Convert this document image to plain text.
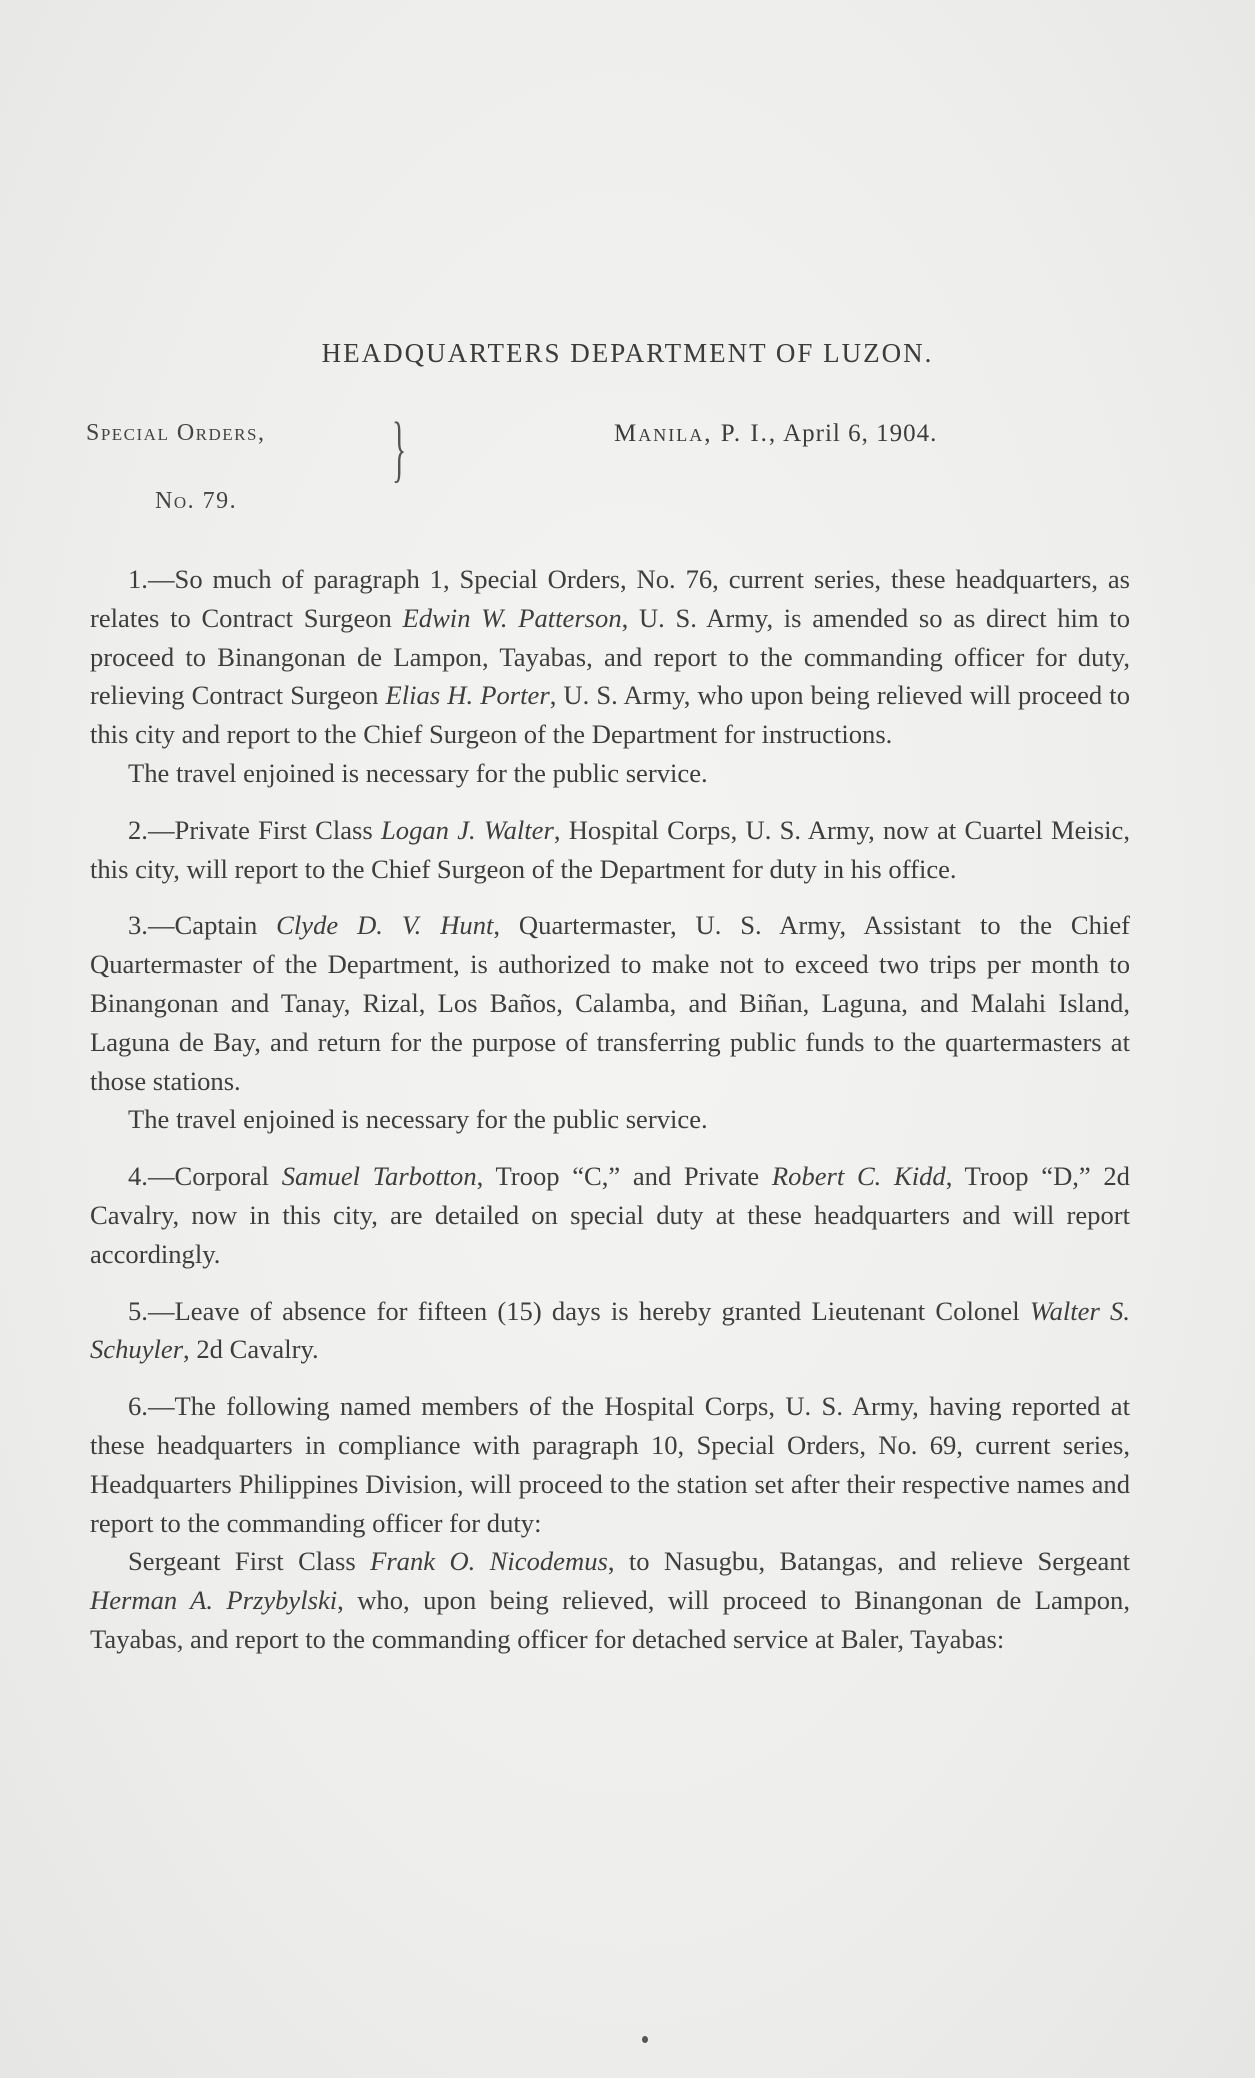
HEADQUARTERS DEPARTMENT OF LUZON.
Special Orders, }
No. 79.
Manila, P. I., April 6, 1904.

1.—So much of paragraph 1, Special Orders, No. 76, current series, these headquarters, as relates to Contract Surgeon Edwin W. Patterson, U. S. Army, is amended so as direct him to proceed to Binangonan de Lampon, Tayabas, and report to the commanding officer for duty, relieving Contract Surgeon Elias H. Porter, U. S. Army, who upon being relieved will proceed to this city and report to the Chief Surgeon of the Department for instructions.

The travel enjoined is necessary for the public service.

2.—Private First Class Logan J. Walter, Hospital Corps, U. S. Army, now at Cuartel Meisic, this city, will report to the Chief Surgeon of the Department for duty in his office.

3.—Captain Clyde D. V. Hunt, Quartermaster, U. S. Army, Assistant to the Chief Quartermaster of the Department, is authorized to make not to exceed two trips per month to Binangonan and Tanay, Rizal, Los Baños, Calamba, and Biñan, Laguna, and Malahi Island, Laguna de Bay, and return for the purpose of transferring public funds to the quartermasters at those stations.

The travel enjoined is necessary for the public service.

4.—Corporal Samuel Tarbotton, Troop “C,” and Private Robert C. Kidd, Troop “D,” 2d Cavalry, now in this city, are detailed on special duty at these headquarters and will report accordingly.

5.—Leave of absence for fifteen (15) days is hereby granted Lieutenant Colonel Walter S. Schuyler, 2d Cavalry.

6.—The following named members of the Hospital Corps, U. S. Army, having reported at these headquarters in compliance with paragraph 10, Special Orders, No. 69, current series, Headquarters Philippines Division, will proceed to the station set after their respective names and report to the commanding officer for duty:

Sergeant First Class Frank O. Nicodemus, to Nasugbu, Batangas, and relieve Sergeant Herman A. Przybylski, who, upon being relieved, will proceed to Binangonan de Lampon, Tayabas, and report to the commanding officer for detached service at Baler, Tayabas:
